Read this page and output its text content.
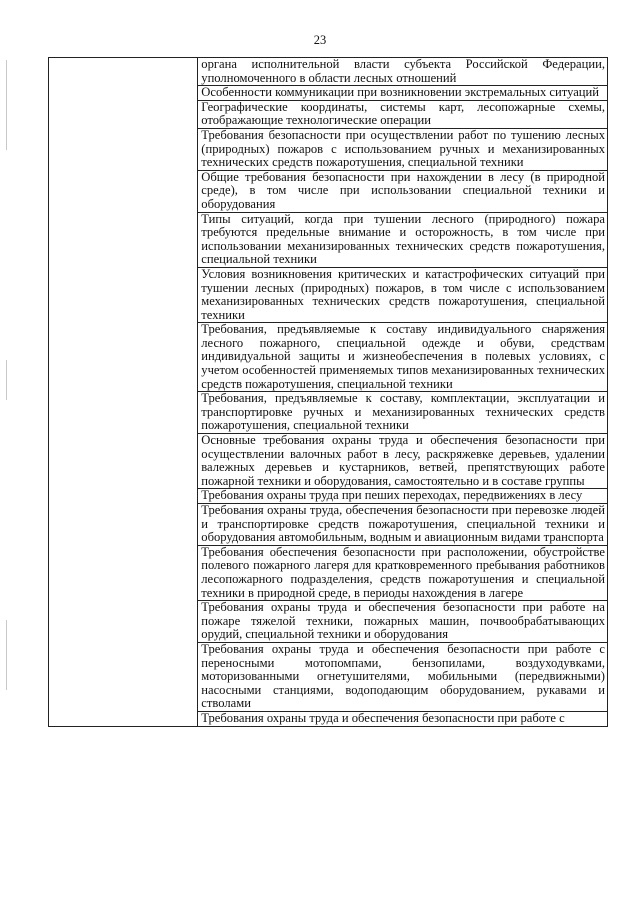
23

органа исполнительной власти субъекта Российской Федерации, уполномоченного в области лесных отношений

Особенности коммуникации при возникновении экстремальных ситуаций

Географические координаты, системы карт, лесопожарные схемы, отображающие технологические операции

Требования безопасности при осуществлении работ по тушению лесных (природных) пожаров с использованием ручных и механизированных технических средств пожаротушения, специальной техники

Общие требования безопасности при нахождении в лесу (в природной среде), в том числе при использовании специальной техники и оборудования

Типы ситуаций, когда при тушении лесного (природного) пожара требуются предельные внимание и осторожность, в том числе при использовании механизированных технических средств пожаротушения, специальной техники

Условия возникновения критических и катастрофических ситуаций при тушении лесных (природных) пожаров, в том числе с использованием механизированных технических средств пожаротушения, специальной техники

Требования, предъявляемые к составу индивидуального снаряжения лесного пожарного, специальной одежде и обуви, средствам индивидуальной защиты и жизнеобеспечения в полевых условиях, с учетом особенностей применяемых типов механизированных технических средств пожаротушения, специальной техники

Требования, предъявляемые к составу, комплектации, эксплуатации и транспортировке ручных и механизированных технических средств пожаротушения, специальной техники

Основные требования охраны труда и обеспечения безопасности при осуществлении валочных работ в лесу, раскряжевке деревьев, удалении валежных деревьев и кустарников, ветвей, препятствующих работе пожарной техники и оборудования, самостоятельно и в составе группы

Требования охраны труда при пеших переходах, передвижениях в лесу

Требования охраны труда, обеспечения безопасности при перевозке людей и транспортировке средств пожаротушения, специальной техники и оборудования автомобильным, водным и авиационным видами транспорта

Требования обеспечения безопасности при расположении, обустройстве полевого пожарного лагеря для кратковременного пребывания работников лесопожарного подразделения, средств пожаротушения и специальной техники в природной среде, в периоды нахождения в лагере

Требования охраны труда и обеспечения безопасности при работе на пожаре тяжелой техники, пожарных машин, почвообрабатывающих орудий, специальной техники и оборудования

Требования охраны труда и обеспечения безопасности при работе с переносными мотопомпами, бензопилами, воздуходувками, моторизованными огнетушителями, мобильными (передвижными) насосными станциями, водоподающим оборудованием, рукавами и стволами

Требования охраны труда и обеспечения безопасности при работе с
